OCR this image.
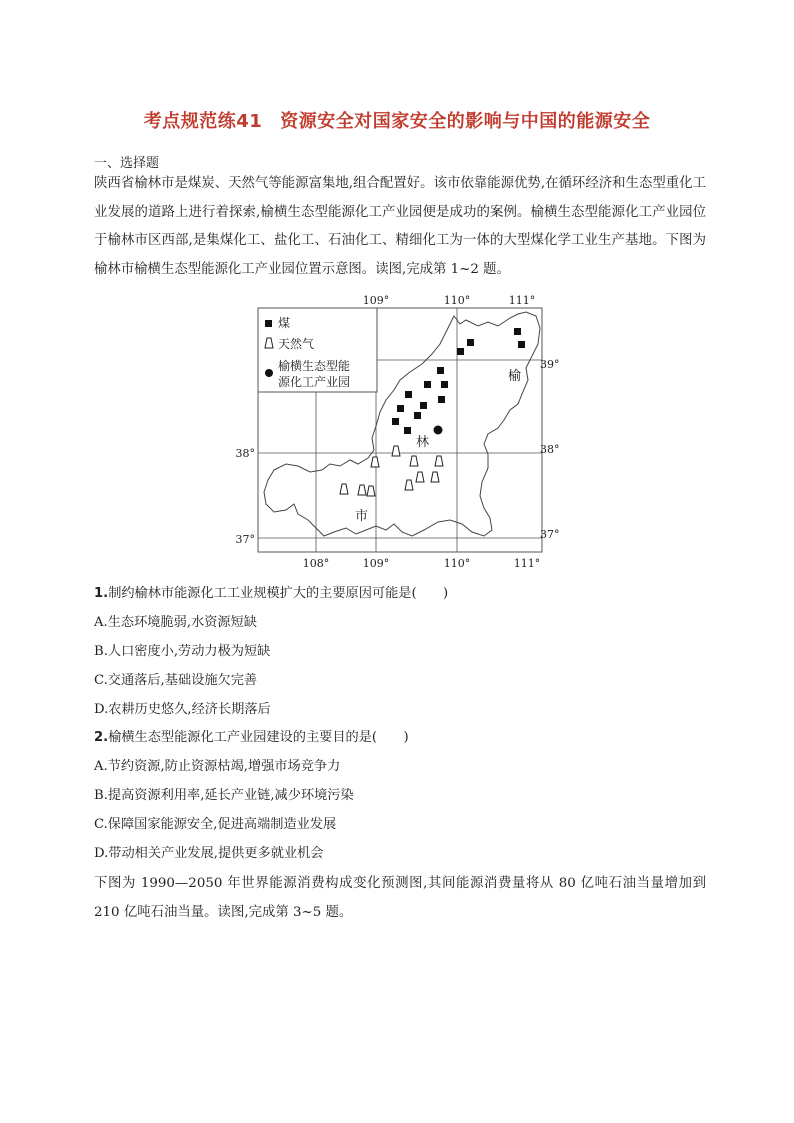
考点规范练41 资源安全对国家安全的影响与中国的能源安全
一、选择题
陕西省榆林市是煤炭、天然气等能源富集地,组合配置好。该市依靠能源优势,在循环经济和生态型重化工业发展的道路上进行着探索,榆横生态型能源化工产业园便是成功的案例。榆横生态型能源化工产业园位于榆林市区西部,是集煤化工、盐化工、石油化工、精细化工为一体的大型煤化学工业生产基地。下图为榆林市榆横生态型能源化工产业园位置示意图。读图,完成第 1~2 题。
煤
天然气
榆横生态型能
源化工产业园	榆
林
市
109°	110°	111°
108°	109°	110°	111°
38°
37°
39°
38°
37°
1.制约榆林市能源化工工业规模扩大的主要原因可能是(　　)
A.生态环境脆弱,水资源短缺
B.人口密度小,劳动力极为短缺
C.交通落后,基础设施欠完善
D.农耕历史悠久,经济长期落后
2.榆横生态型能源化工产业园建设的主要目的是(　　)
A.节约资源,防止资源枯竭,增强市场竞争力
B.提高资源利用率,延长产业链,减少环境污染
C.保障国家能源安全,促进高端制造业发展
D.带动相关产业发展,提供更多就业机会
下图为 1990—2050 年世界能源消费构成变化预测图,其间能源消费量将从 80 亿吨石油当量增加到 210 亿吨石油当量。读图,完成第 3~5 题。
